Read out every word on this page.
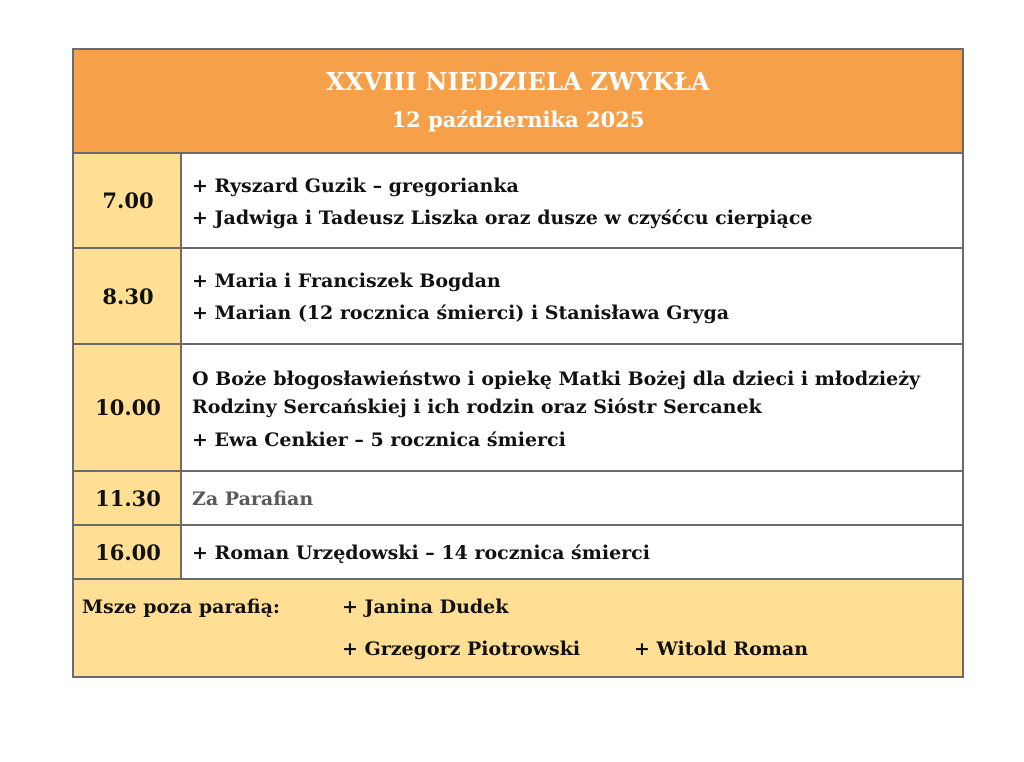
XXVIII NIEDZIELA ZWYKŁA
12 października 2025
7.00
+ Ryszard Guzik – gregorianka
+ Jadwiga i Tadeusz Liszka oraz dusze w czyśćcu cierpiące
8.30
+ Maria i Franciszek Bogdan
+ Marian (12 rocznica śmierci) i Stanisława Gryga
10.00
O Boże błogosławieństwo i opiekę Matki Bożej dla dzieci i młodzieży Rodziny Sercańskiej i ich rodzin oraz Sióstr Sercanek
+ Ewa Cenkier – 5 rocznica śmierci
11.30	Za Parafian
16.00	+ Roman Urzędowski – 14 rocznica śmierci
Msze poza parafią:	+ Janina Dudek
+ Grzegorz Piotrowski	+ Witold Roman
